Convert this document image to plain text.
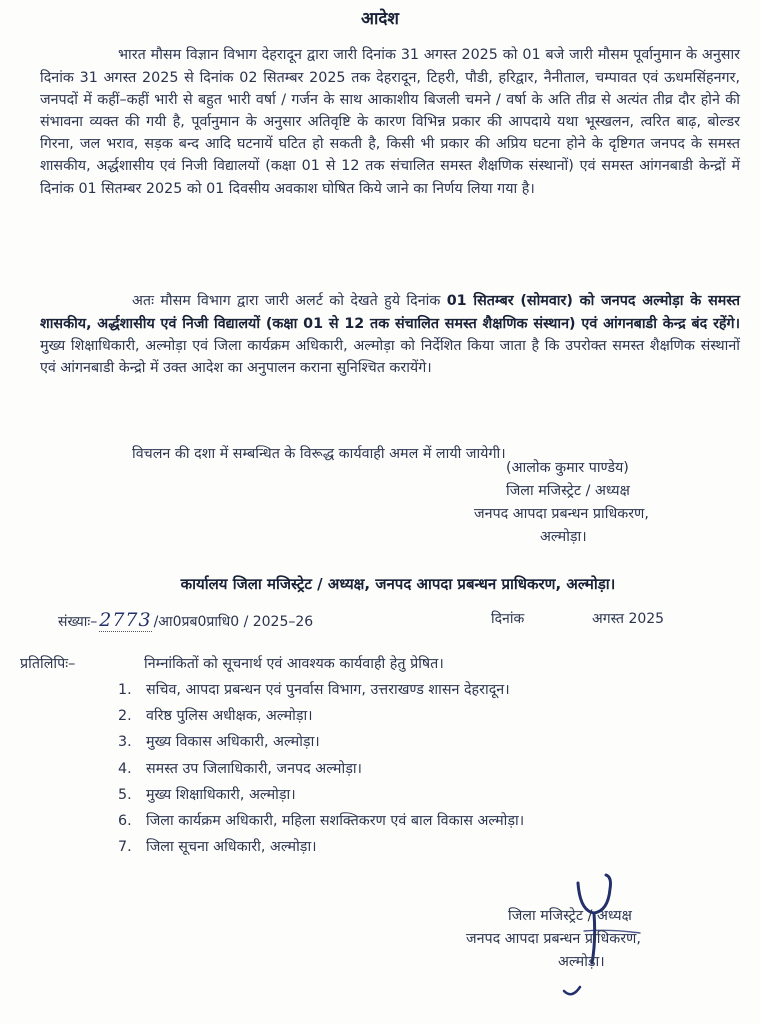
आदेश

भारत मौसम विज्ञान विभाग देहरादून द्वारा जारी दिनांक 31 अगस्त 2025 को 01 बजे जारी मौसम पूर्वानुमान के अनुसार दिनांक 31 अगस्त 2025 से दिनांक 02 सितम्बर 2025 तक देहरादून, टिहरी, पौडी, हरिद्वार, नैनीताल, चम्पावत एवं ऊधमसिंहनगर, जनपदों में कहीं–कहीं भारी से बहुत भारी वर्षा / गर्जन के साथ आकाशीय बिजली चमने / वर्षा के अति तीव्र से अत्यंत तीव्र दौर होने की संभावना व्यक्त की गयी है, पूर्वानुमान के अनुसार अतिवृष्टि के कारण विभिन्न प्रकार की आपदाये यथा भूस्खलन, त्वरित बाढ़, बोल्डर गिरना, जल भराव, सड़क बन्द आदि घटनायें घटित हो सकती है, किसी भी प्रकार की अप्रिय घटना होने के दृष्टिगत जनपद के समस्त शासकीय, अर्द्धशासीय एवं निजी विद्यालयों (कक्षा 01 से 12 तक संचालित समस्त शैक्षणिक संस्थानों) एवं समस्त आंगनबाडी केन्द्रों में दिनांक 01 सितम्बर 2025 को 01 दिवसीय अवकाश घोषित किये जाने का निर्णय लिया गया है।

अतः मौसम विभाग द्वारा जारी अलर्ट को देखते हुये दिनांक 01 सितम्बर (सोमवार) को जनपद अल्मोड़ा के समस्त शासकीय, अर्द्धशासीय एवं निजी विद्यालयों (कक्षा 01 से 12 तक संचालित समस्त शैक्षणिक संस्थान) एवं आंगनबाडी केन्द्र बंद रहेंगे। मुख्य शिक्षाधिकारी, अल्मोड़ा एवं जिला कार्यक्रम अधिकारी, अल्मोड़ा को निर्देशित किया जाता है कि उपरोक्त समस्त शैक्षणिक संस्थानों एवं आंगनबाडी केन्द्रो में उक्त आदेश का अनुपालन कराना सुनिश्चित करायेंगे।

विचलन की दशा में सम्बन्धित के विरूद्ध कार्यवाही अमल में लायी जायेगी।

(आलोक कुमार पाण्डेय)
जिला मजिस्ट्रेट / अध्यक्ष
जनपद आपदा प्रबन्धन प्राधिकरण,
अल्मोड़ा।
कार्यालय जिला मजिस्ट्रेट / अध्यक्ष, जनपद आपदा प्रबन्धन प्राधिकरण, अल्मोड़ा।
संख्याः– 2773 /आ0प्रब0प्राधि0 / 2025–26	दिनांक	अगस्त 2025
प्रतिलिपिः–	निम्नांकितों को सूचनार्थ एवं आवश्यक कार्यवाही हेतु प्रेषित।
1.	सचिव, आपदा प्रबन्धन एवं पुनर्वास विभाग, उत्तराखण्ड शासन देहरादून।
2.	वरिष्ठ पुलिस अधीक्षक, अल्मोड़ा।
3.	मुख्य विकास अधिकारी, अल्मोड़ा।
4.	समस्त उप जिलाधिकारी, जनपद अल्मोड़ा।
5.	मुख्य शिक्षाधिकारी, अल्मोड़ा।
6.	जिला कार्यक्रम अधिकारी, महिला सशक्तिकरण एवं बाल विकास अल्मोड़ा।
7.	जिला सूचना अधिकारी, अल्मोड़ा।
जिला मजिस्ट्रेट / अध्यक्ष
जनपद आपदा प्रबन्धन प्राधिकरण,
अल्मोड़ा।
